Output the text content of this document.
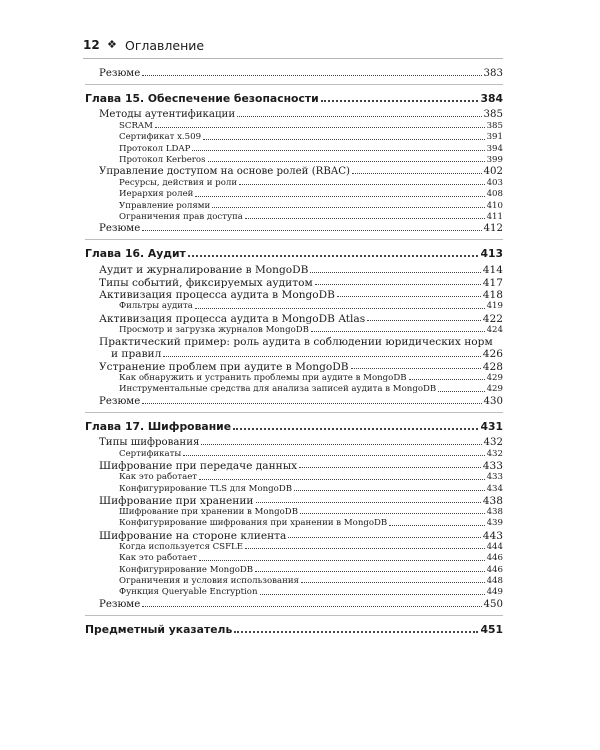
12 ❖ Оглавление
Резюме	383
Глава 15. Обеспечение безопасности	384
Методы аутентификации	385
SCRAM	385
Сертификат x.509	391
Протокол LDAP	394
Протокол Kerberos	399
Управление доступом на основе ролей (RBAC)	402
Ресурсы, действия и роли	403
Иерархия ролей	408
Управление ролями	410
Ограничения прав доступа	411
Резюме	412
Глава 16. Аудит	413
Аудит и журналирование в MongoDB	414
Типы событий, фиксируемых аудитом	417
Активизация процесса аудита в MongoDB	418
Фильтры аудита	419
Активизация процесса аудита в MongoDB Atlas	422
Просмотр и загрузка журналов MongoDB	424
Практический пример: роль аудита в соблюдении юридических норм
и правил	426
Устранение проблем при аудите в MongoDB	428
Как обнаружить и устранить проблемы при аудите в MongoDB	429
Инструментальные средства для анализа записей аудита в MongoDB	429
Резюме	430
Глава 17. Шифрование	431
Типы шифрования	432
Сертификаты	432
Шифрование при передаче данных	433
Как это работает	433
Конфигурирование TLS для MongoDB	434
Шифрование при хранении	438
Шифрование при хранении в MongoDB	438
Конфигурирование шифрования при хранении в MongoDB	439
Шифрование на стороне клиента	443
Когда используется CSFLE	444
Как это работает	446
Конфигурирование MongoDB	446
Ограничения и условия использования	448
Функция Queryable Encryption	449
Резюме	450
Предметный указатель	451
